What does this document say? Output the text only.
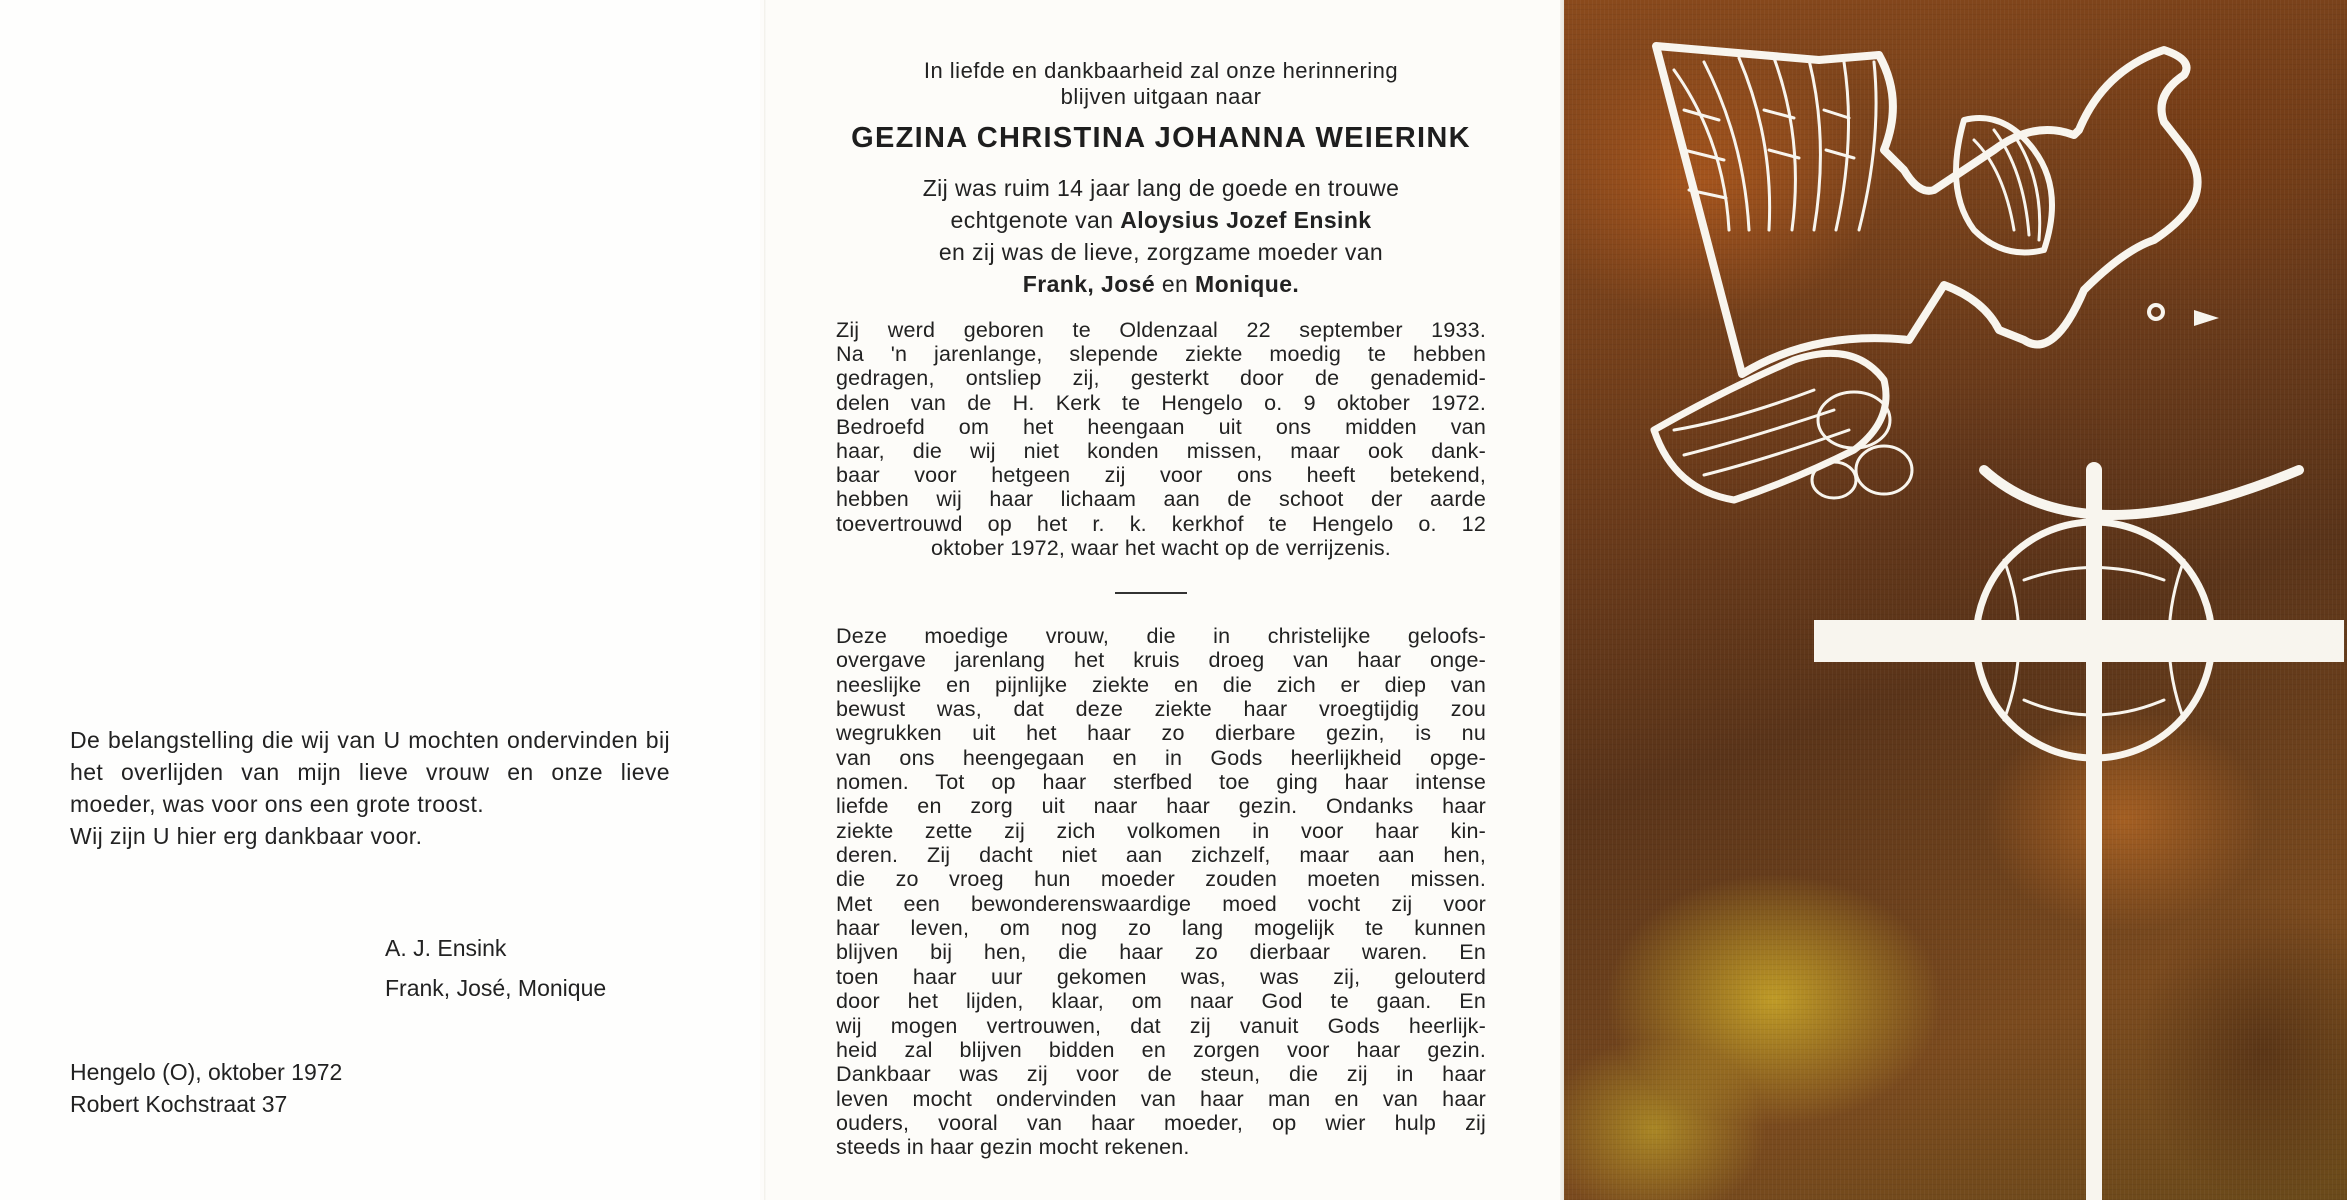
De belangstelling die wij van U mochten ondervinden bij het overlijden van mijn lieve vrouw en onze lieve moeder, was voor ons een grote troost.

Wij zijn U hier erg dankbaar voor.

A. J. Ensink
Frank, José, Monique
Hengelo (O), oktober 1972
Robert Kochstraat 37
In liefde en dankbaarheid zal onze herinnering
blijven uitgaan naar
GEZINA CHRISTINA JOHANNA WEIERINK
Zij was ruim 14 jaar lang de goede en trouwe
echtgenote van Aloysius Jozef Ensink
en zij was de lieve, zorgzame moeder van
Frank, José en Monique.
Zij werd geboren te Oldenzaal 22 september 1933.
Na 'n jarenlange, slepende ziekte moedig te hebben
gedragen, ontsliep zij, gesterkt door de genademid-
delen van de H. Kerk te Hengelo o. 9 oktober 1972.
Bedroefd om het heengaan uit ons midden van
haar, die wij niet konden missen, maar ook dank-
baar voor hetgeen zij voor ons heeft betekend,
hebben wij haar lichaam aan de schoot der aarde
toevertrouwd op het r. k. kerkhof te Hengelo o. 12
oktober 1972, waar het wacht op de verrijzenis.
Deze moedige vrouw, die in christelijke geloofs-
overgave jarenlang het kruis droeg van haar onge-
neeslijke en pijnlijke ziekte en die zich er diep van
bewust was, dat deze ziekte haar vroegtijdig zou
wegrukken uit het haar zo dierbare gezin, is nu
van ons heengegaan en in Gods heerlijkheid opge-
nomen. Tot op haar sterfbed toe ging haar intense
liefde en zorg uit naar haar gezin. Ondanks haar
ziekte zette zij zich volkomen in voor haar kin-
deren. Zij dacht niet aan zichzelf, maar aan hen,
die zo vroeg hun moeder zouden moeten missen.
Met een bewonderenswaardige moed vocht zij voor
haar leven, om nog zo lang mogelijk te kunnen
blijven bij hen, die haar zo dierbaar waren. En
toen haar uur gekomen was, was zij, gelouterd
door het lijden, klaar, om naar God te gaan. En
wij mogen vertrouwen, dat zij vanuit Gods heerlijk-
heid zal blijven bidden en zorgen voor haar gezin.
Dankbaar was zij voor de steun, die zij in haar
leven mocht ondervinden van haar man en van haar
ouders, vooral van haar moeder, op wier hulp zij
steeds in haar gezin mocht rekenen.
